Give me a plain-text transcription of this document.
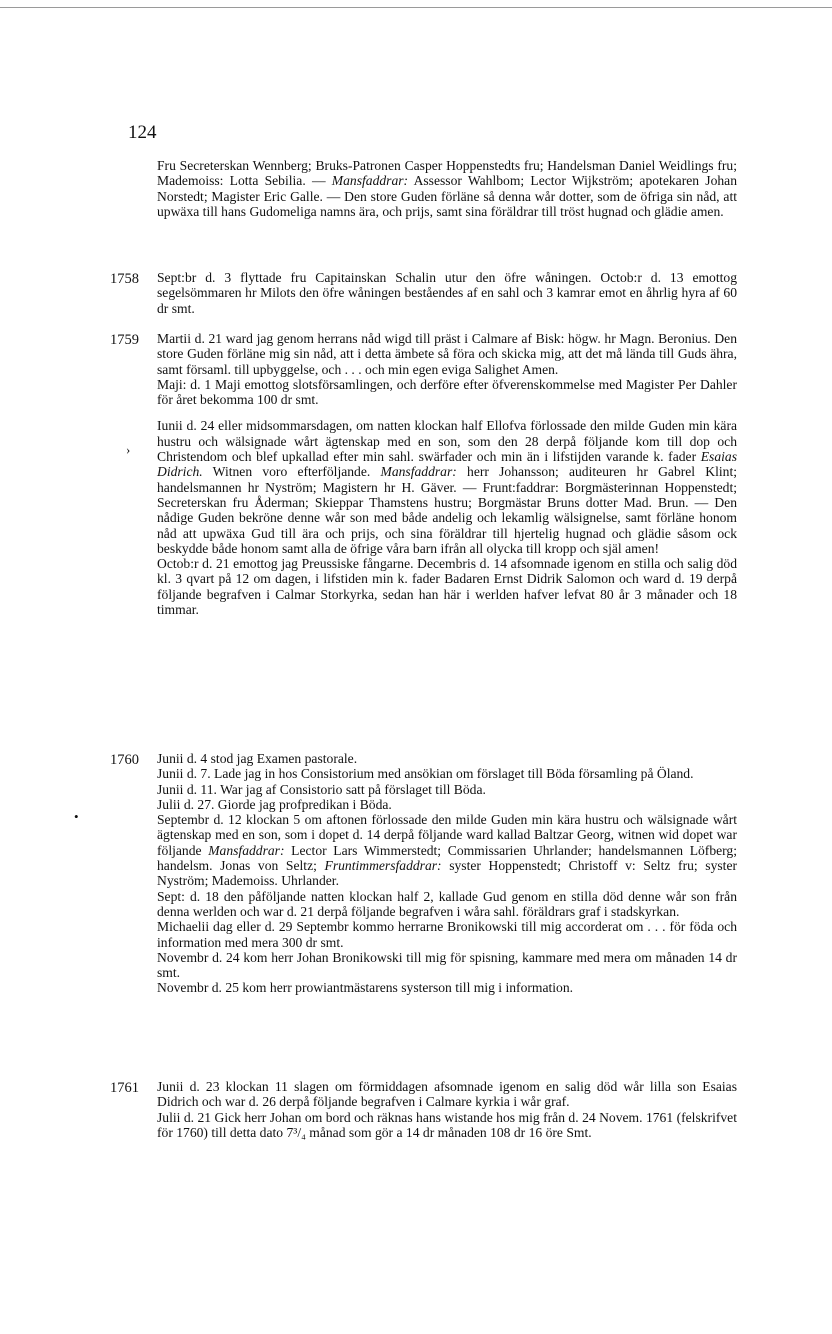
124

Fru Secreterskan Wennberg; Bruks-Patronen Casper Hoppenstedts fru; Handelsman Daniel Weidlings fru; Mademoiss: Lotta Sebilia. — Mansfaddrar: Assessor Wahlbom; Lector Wijkström; apotekaren Johan Norstedt; Magister Eric Galle. — Den store Guden förläne så denna wår dotter, som de öfriga sin nåd, att upwäxa till hans Gudomeliga namns ära, och prijs, samt sina föräldrar till tröst hugnad och glädie amen.

1758 Sept:br d. 3 flyttade fru Capitainskan Schalin utur den öfre wåningen. Octob:r d. 13 emottog segelsömmaren hr Milots den öfre wåningen beståendes af en sahl och 3 kamrar emot en åhrlig hyra af 60 dr smt.

1759 Martii d. 21 ward jag genom herrans nåd wigd till präst i Calmare af Bisk: högw. hr Magn. Beronius. Den store Guden förläne mig sin nåd, att i detta ämbete så föra och skicka mig, att det må lända till Guds ähra, samt församl. till upbyggelse, och . . . och min egen eviga Salighet Amen.

Maji: d. 1 Maji emottog slotsförsamlingen, och derföre efter öfverenskommelse med Magister Per Dahler för året bekomma 100 dr smt.

Iunii d. 24 eller midsommarsdagen, om natten klockan half Ellofva förlossade den milde Guden min kära hustru och wälsignade wårt ägtenskap med en son, som den 28 derpå följande kom till dop och Christendom och blef upkallad efter min sahl. swärfader och min än i lifstijden varande k. fader Esaias Didrich. Witnen voro efterföljande. Mansfaddrar: herr Johansson; auditeuren hr Gabrel Klint; handelsmannen hr Nyström; Magistern hr H. Gäver. — Frunt:faddrar: Borgmästerinnan Hoppenstedt; Secreterskan fru Åderman; Skieppar Thamstens hustru; Borgmästar Bruns dotter Mad. Brun. — Den nådige Guden bekröne denne wår son med både andelig och lekamlig wälsignelse, samt förläne honom nåd att upwäxa Gud till ära och prijs, och sina föräldrar till hjertelig hugnad och glädie såsom ock beskydde både honom samt alla de öfrige våra barn ifrån all olycka till kropp och själ amen!

Octob:r d. 21 emottog jag Preussiske fångarne. Decembris d. 14 afsomnade igenom en stilla och salig död kl. 3 qvart på 12 om dagen, i lifstiden min k. fader Badaren Ernst Didrik Salomon och ward d. 19 derpå följande begrafven i Calmar Storkyrka, sedan han här i werlden hafver lefvat 80 år 3 månader och 18 timmar.

›
1760 Junii d. 4 stod jag Examen pastorale.

Junii d. 7. Lade jag in hos Consistorium med ansökian om förslaget till Böda församling på Öland.

Junii d. 11. War jag af Consistorio satt på förslaget till Böda.

Julii d. 27. Giorde jag profpredikan i Böda.

Septembr d. 12 klockan 5 om aftonen förlossade den milde Guden min kära hustru och wälsignade wårt ägtenskap med en son, som i dopet d. 14 derpå följande ward kallad Baltzar Georg, witnen wid dopet war följande Mansfaddrar: Lector Lars Wimmerstedt; Commissarien Uhrlander; handelsmannen Löfberg; handelsm. Jonas von Seltz; Fruntimmersfaddrar: syster Hoppenstedt; Christoff v: Seltz fru; syster Nyström; Mademoiss. Uhrlander.

Sept: d. 18 den påföljande natten klockan half 2, kallade Gud genom en stilla död denne wår son från denna werlden och war d. 21 derpå följande begrafven i wåra sahl. föräldrars graf i stadskyrkan.

Michaelii dag eller d. 29 Septembr kommo herrarne Bronikowski till mig accorderat om . . . för föda och information med mera 300 dr smt.

Novembr d. 24 kom herr Johan Bronikowski till mig för spisning, kammare med mera om månaden 14 dr smt.

Novembr d. 25 kom herr prowiantmästarens systerson till mig i information.

•
1761 Junii d. 23 klockan 11 slagen om förmiddagen afsomnade igenom en salig död wår lilla son Esaias Didrich och war d. 26 derpå följande begrafven i Calmare kyrkia i wår graf.

Julii d. 21 Gick herr Johan om bord och räknas hans wistande hos mig från d. 24 Novem. 1761 (felskrifvet för 1760) till detta dato 7³/₄ månad som gör a 14 dr månaden 108 dr 16 öre Smt.
